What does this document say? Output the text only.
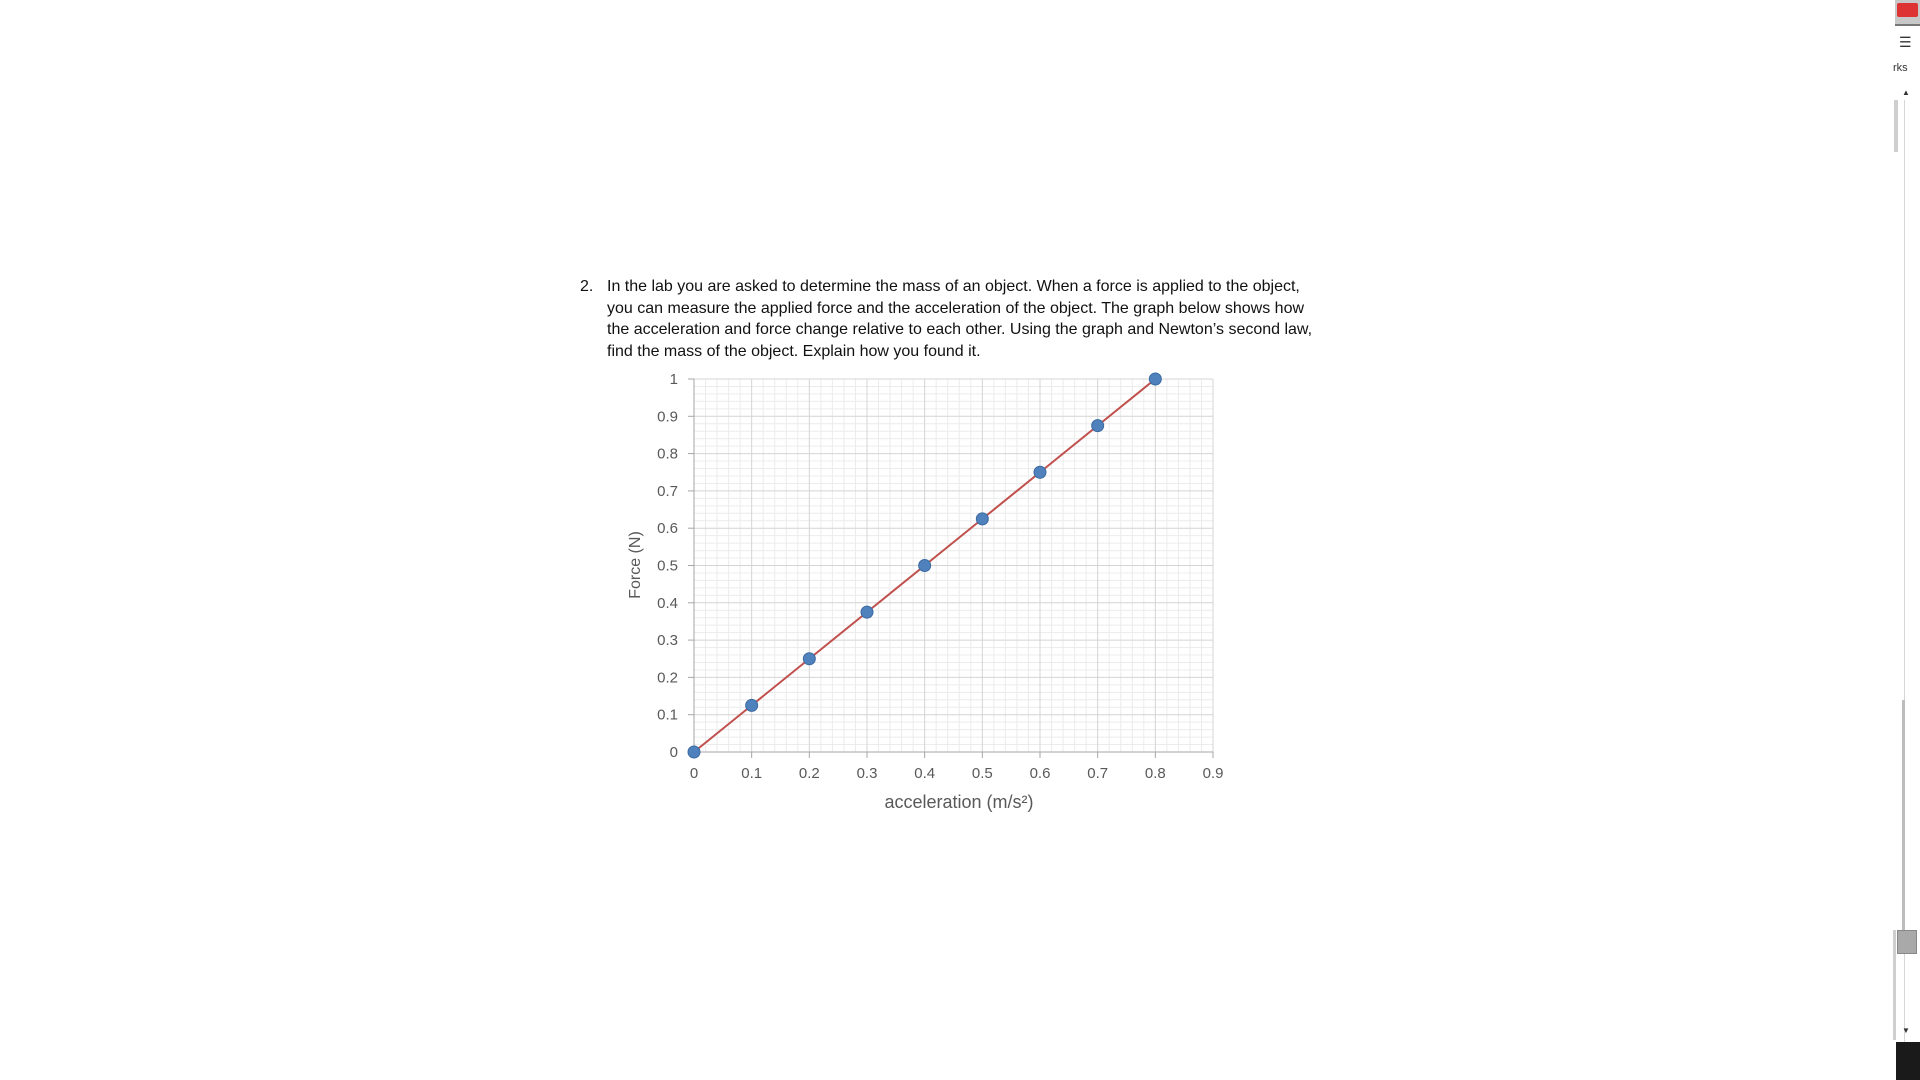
2. In the lab you are asked to determine the mass of an object. When a force is applied to the object, you can measure the applied force and the acceleration of the object. The graph below shows how the acceleration and force change relative to each other. Using the graph and Newton’s second law, find the mass of the object. Explain how you found it.
0
0.1
0.2
0.3
0.4
0.5
0.6
0.7
0.8
0.9
1
0	0.1 0.2 0.3 0.4 0.5 0.6 0.7 0.8 0.9
acceleration (m/s²)
Force (N)
☰
rks
▲
▼
